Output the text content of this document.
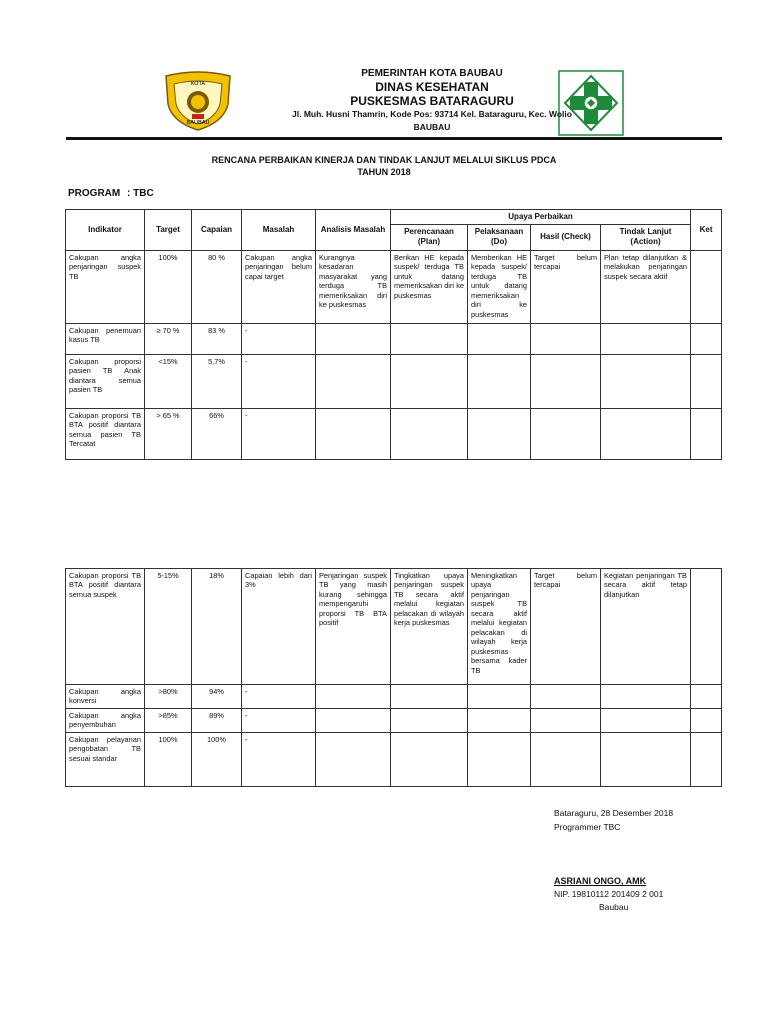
KOTA
BAUBAU
PEMERINTAH KOTA BAUBAU
DINAS KESEHATAN
PUSKESMAS BATARAGURU
Jl. Muh. Husni Thamrin, Kode Pos: 93714 Kel. Bataraguru, Kec. Wolio
BAUBAU
RENCANA PERBAIKAN KINERJA DAN TINDAK LANJUT MELALUI SIKLUS PDCA
TAHUN 2018
PROGRAM : TBC
Indikator	Target	Capaian	Masalah	Analisis Masalah	Upaya Perbaikan				Ket
					Perencanaan (Plan)	Pelaksanaan (Do)	Hasil (Check)	Tindak Lanjut (Action)	
Cakupan angka penjaringan suspek TB	100%	80 %	Cakupan angka penjaringan belum capai target	Kurangnya kesadaran masyarakat yang terduga TB memeriksakan diri ke puskesmas	Berikan HE kepada suspek/ terduga TB untuk datang memeriksakan diri ke puskesmas	Memberikan HE kepada suspek/ terduga TB untuk datang memeriksakan diri ke puskesmas	Target belum tercapai	Plan tetap dilanjutkan & melakukan penjaringan suspek secara aktif	
Cakupan penemuan kasus TB	≥ 70 %	83 %	-						
Cakupan proporsi pasien TB Anak diantara semua pasien TB	<15%	5,7%	-						
Cakupan proporsi TB BTA positif diantara semua pasien TB Tercatat	> 65 %	66%	-						
Cakupan proporsi TB BTA positif diantara semua suspek	5-15%	18%	Capaian lebih dari 3%	Penjaringan suspek TB yang masih kurang sehingga mempengaruhi proporsi TB BTA positif	Tingkatkan upaya penjaringan suspek TB secara aktif melalui kegiatan pelacakan di wilayah kerja puskesmas	Meningkatkan upaya penjaringan suspek TB secara aktif melalui kegiatan pelacakan di wilayah kerja puskesmas bersama kader TB	Target belum tercapai	Kegiatan penjaringan TB secara aktif tetap dilanjutkan	
Cakupan angka konversi	>80%	94%	-						
Cakupan angka penyembuhan	>85%	89%	-						
Cakupan pelayanan pengobatan TB sesuai standar	100%	100%	-						
Bataraguru, 28 Desember 2018
Programmer TBC
ASRIANI ONGO, AMK
NIP. 19810112 201409 2 001
Baubau
